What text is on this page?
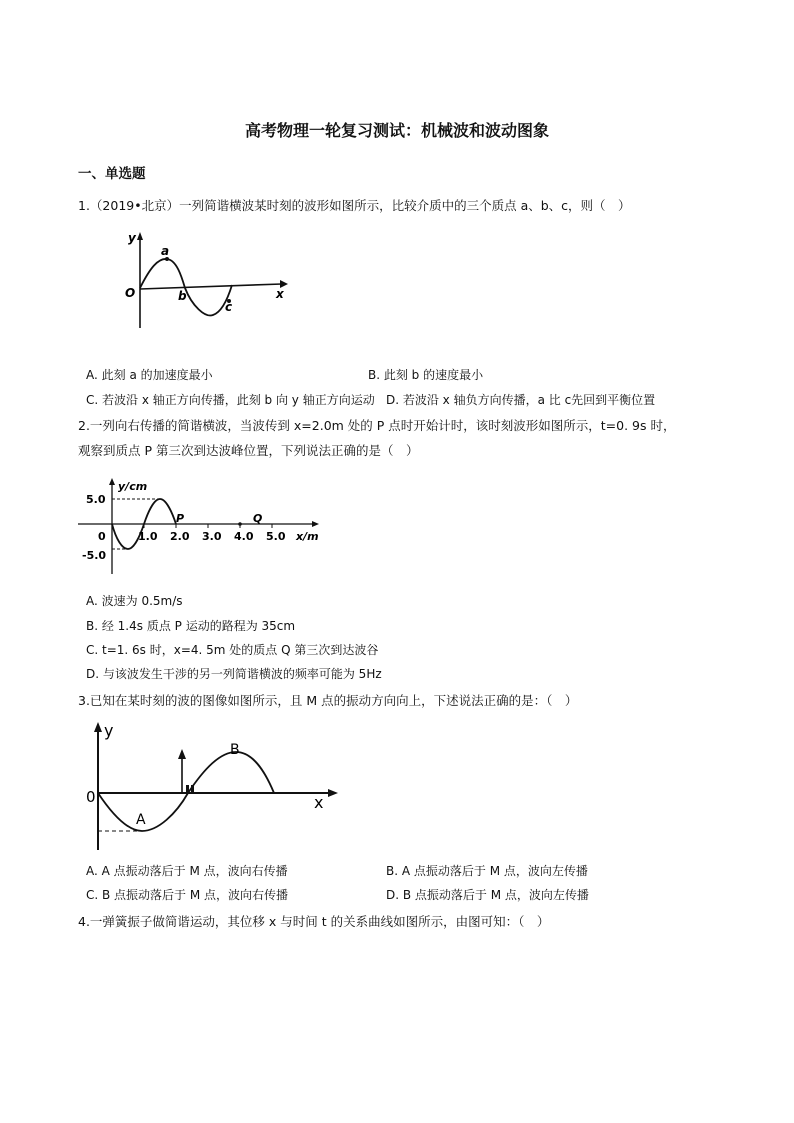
高考物理一轮复习测试：机械波和波动图象
一、单选题
1.（2019•北京）一列简谐横波某时刻的波形如图所示，比较介质中的三个质点 a、b、c，则（　）
y
O	x
a
b
c
A. 此刻 a 的加速度最小	B. 此刻 b 的速度最小
C. 若波沿 x 轴正方向传播，此刻 b 向 y 轴正方向运动 D. 若波沿 x 轴负方向传播，a 比 c先回到平衡位置
2.一列向右传播的简谐横波，当波传到 x=2.0m 处的 P 点时开始计时，该时刻波形如图所示，t=0. 9s 时，
观察到质点 P 第三次到达波峰位置，下列说法正确的是（　）
y/cm
5.0
-5.0
0	1.0 2.0 3.0 4.0 5.0 x/m
P	Q
A. 波速为 0.5m/s
B. 经 1.4s 质点 P 运动的路程为 35cm
C. t=1. 6s 时，x=4. 5m 处的质点 Q 第三次到达波谷
D. 与该波发生干涉的另一列简谐横波的频率可能为 5Hz
3.已知在某时刻的波的图像如图所示，且 M 点的振动方向向上，下述说法正确的是：（　）
y
0	x
A
B
A. A 点振动落后于 M 点，波向右传播	B. A 点振动落后于 M 点，波向左传播
C. B 点振动落后于 M 点，波向右传播	D. B 点振动落后于 M 点，波向左传播
4.一弹簧振子做简谐运动，其位移 x 与时间 t 的关系曲线如图所示，由图可知：（　）
